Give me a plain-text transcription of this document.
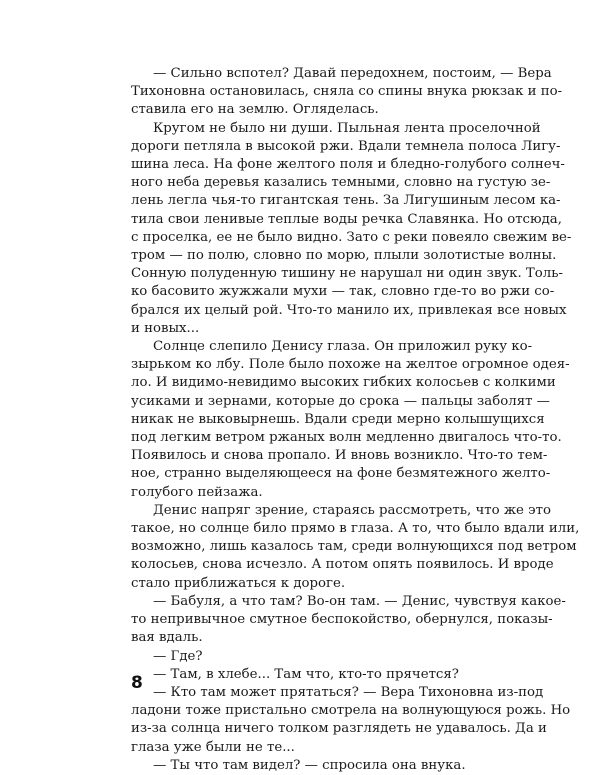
— Сильно вспотел? Давай передохнем, постоим, — Вера
Тихоновна остановилась, сняла со спины внука рюкзак и по-
ставила его на землю. Огляделась.
Кругом не было ни души. Пыльная лента проселочной
дороги петляла в высокой ржи. Вдали темнела полоса Лигу-
шина леса. На фоне желтого поля и бледно-голубого солнеч-
ного неба деревья казались темными, словно на густую зе-
лень легла чья-то гигантская тень. За Лигушиным лесом ка-
тила свои ленивые теплые воды речка Славянка. Но отсюда,
с проселка, ее не было видно. Зато с реки повеяло свежим ве-
тром — по полю, словно по морю, плыли золотистые волны.
Сонную полуденную тишину не нарушал ни один звук. Толь-
ко басовито жужжали мухи — так, словно где-то во ржи со-
брался их целый рой. Что-то манило их, привлекая все новых
и новых...
Солнце слепило Денису глаза. Он приложил руку ко-
зырьком ко лбу. Поле было похоже на желтое огромное одея-
ло. И видимо-невидимо высоких гибких колосьев с колкими
усиками и зернами, которые до срока — пальцы заболят —
никак не выковырнешь. Вдали среди мерно колышущихся
под легким ветром ржаных волн медленно двигалось что-то.
Появилось и снова пропало. И вновь возникло. Что-то тем-
ное, странно выделяющееся на фоне безмятежного желто-
голубого пейзажа.
Денис напряг зрение, стараясь рассмотреть, что же это
такое, но солнце било прямо в глаза. А то, что было вдали или,
возможно, лишь казалось там, среди волнующихся под ветром
колосьев, снова исчезло. А потом опять появилось. И вроде
стало приближаться к дороге.
— Бабуля, а что там? Во-он там. — Денис, чувствуя какое-
то непривычное смутное беспокойство, обернулся, показы-
вая вдаль.
— Где?
— Там, в хлебе... Там что, кто-то прячется?
— Кто там может прятаться? — Вера Тихоновна из-под
ладони тоже пристально смотрела на волнующуюся рожь. Но
из-за солнца ничего толком разглядеть не удавалось. Да и
глаза уже были не те...
— Ты что там видел? — спросила она внука.
8
